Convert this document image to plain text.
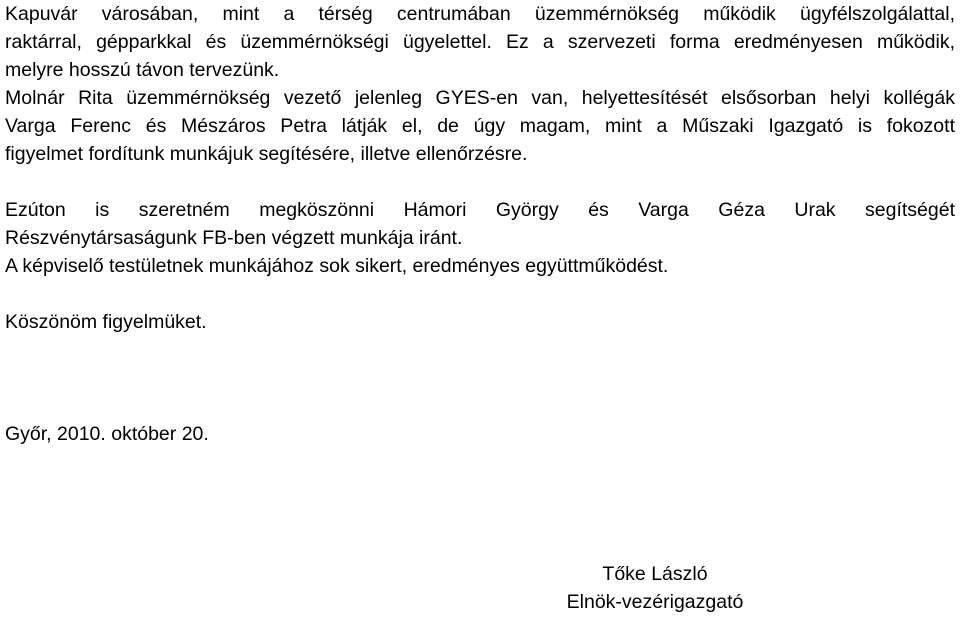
Kapuvár városában, mint a térség centrumában üzemmérnökség működik ügyfélszolgálattal,
raktárral, gépparkkal és üzemmérnökségi ügyelettel. Ez a szervezeti forma eredményesen működik,
melyre hosszú távon tervezünk.
Molnár Rita üzemmérnökség vezető jelenleg GYES-en van, helyettesítését elsősorban helyi kollégák
Varga Ferenc és Mészáros Petra látják el, de úgy magam, mint a Műszaki Igazgató is fokozott
figyelmet fordítunk munkájuk segítésére, illetve ellenőrzésre.
Ezúton is szeretném megköszönni Hámori György és Varga Géza Urak segítségét
Részvénytársaságunk FB-ben végzett munkája iránt.
A képviselő testületnek munkájához sok sikert, eredményes együttműködést.
Köszönöm figyelmüket.
Győr, 2010. október 20.
Tőke László
Elnök-vezérigazgató
